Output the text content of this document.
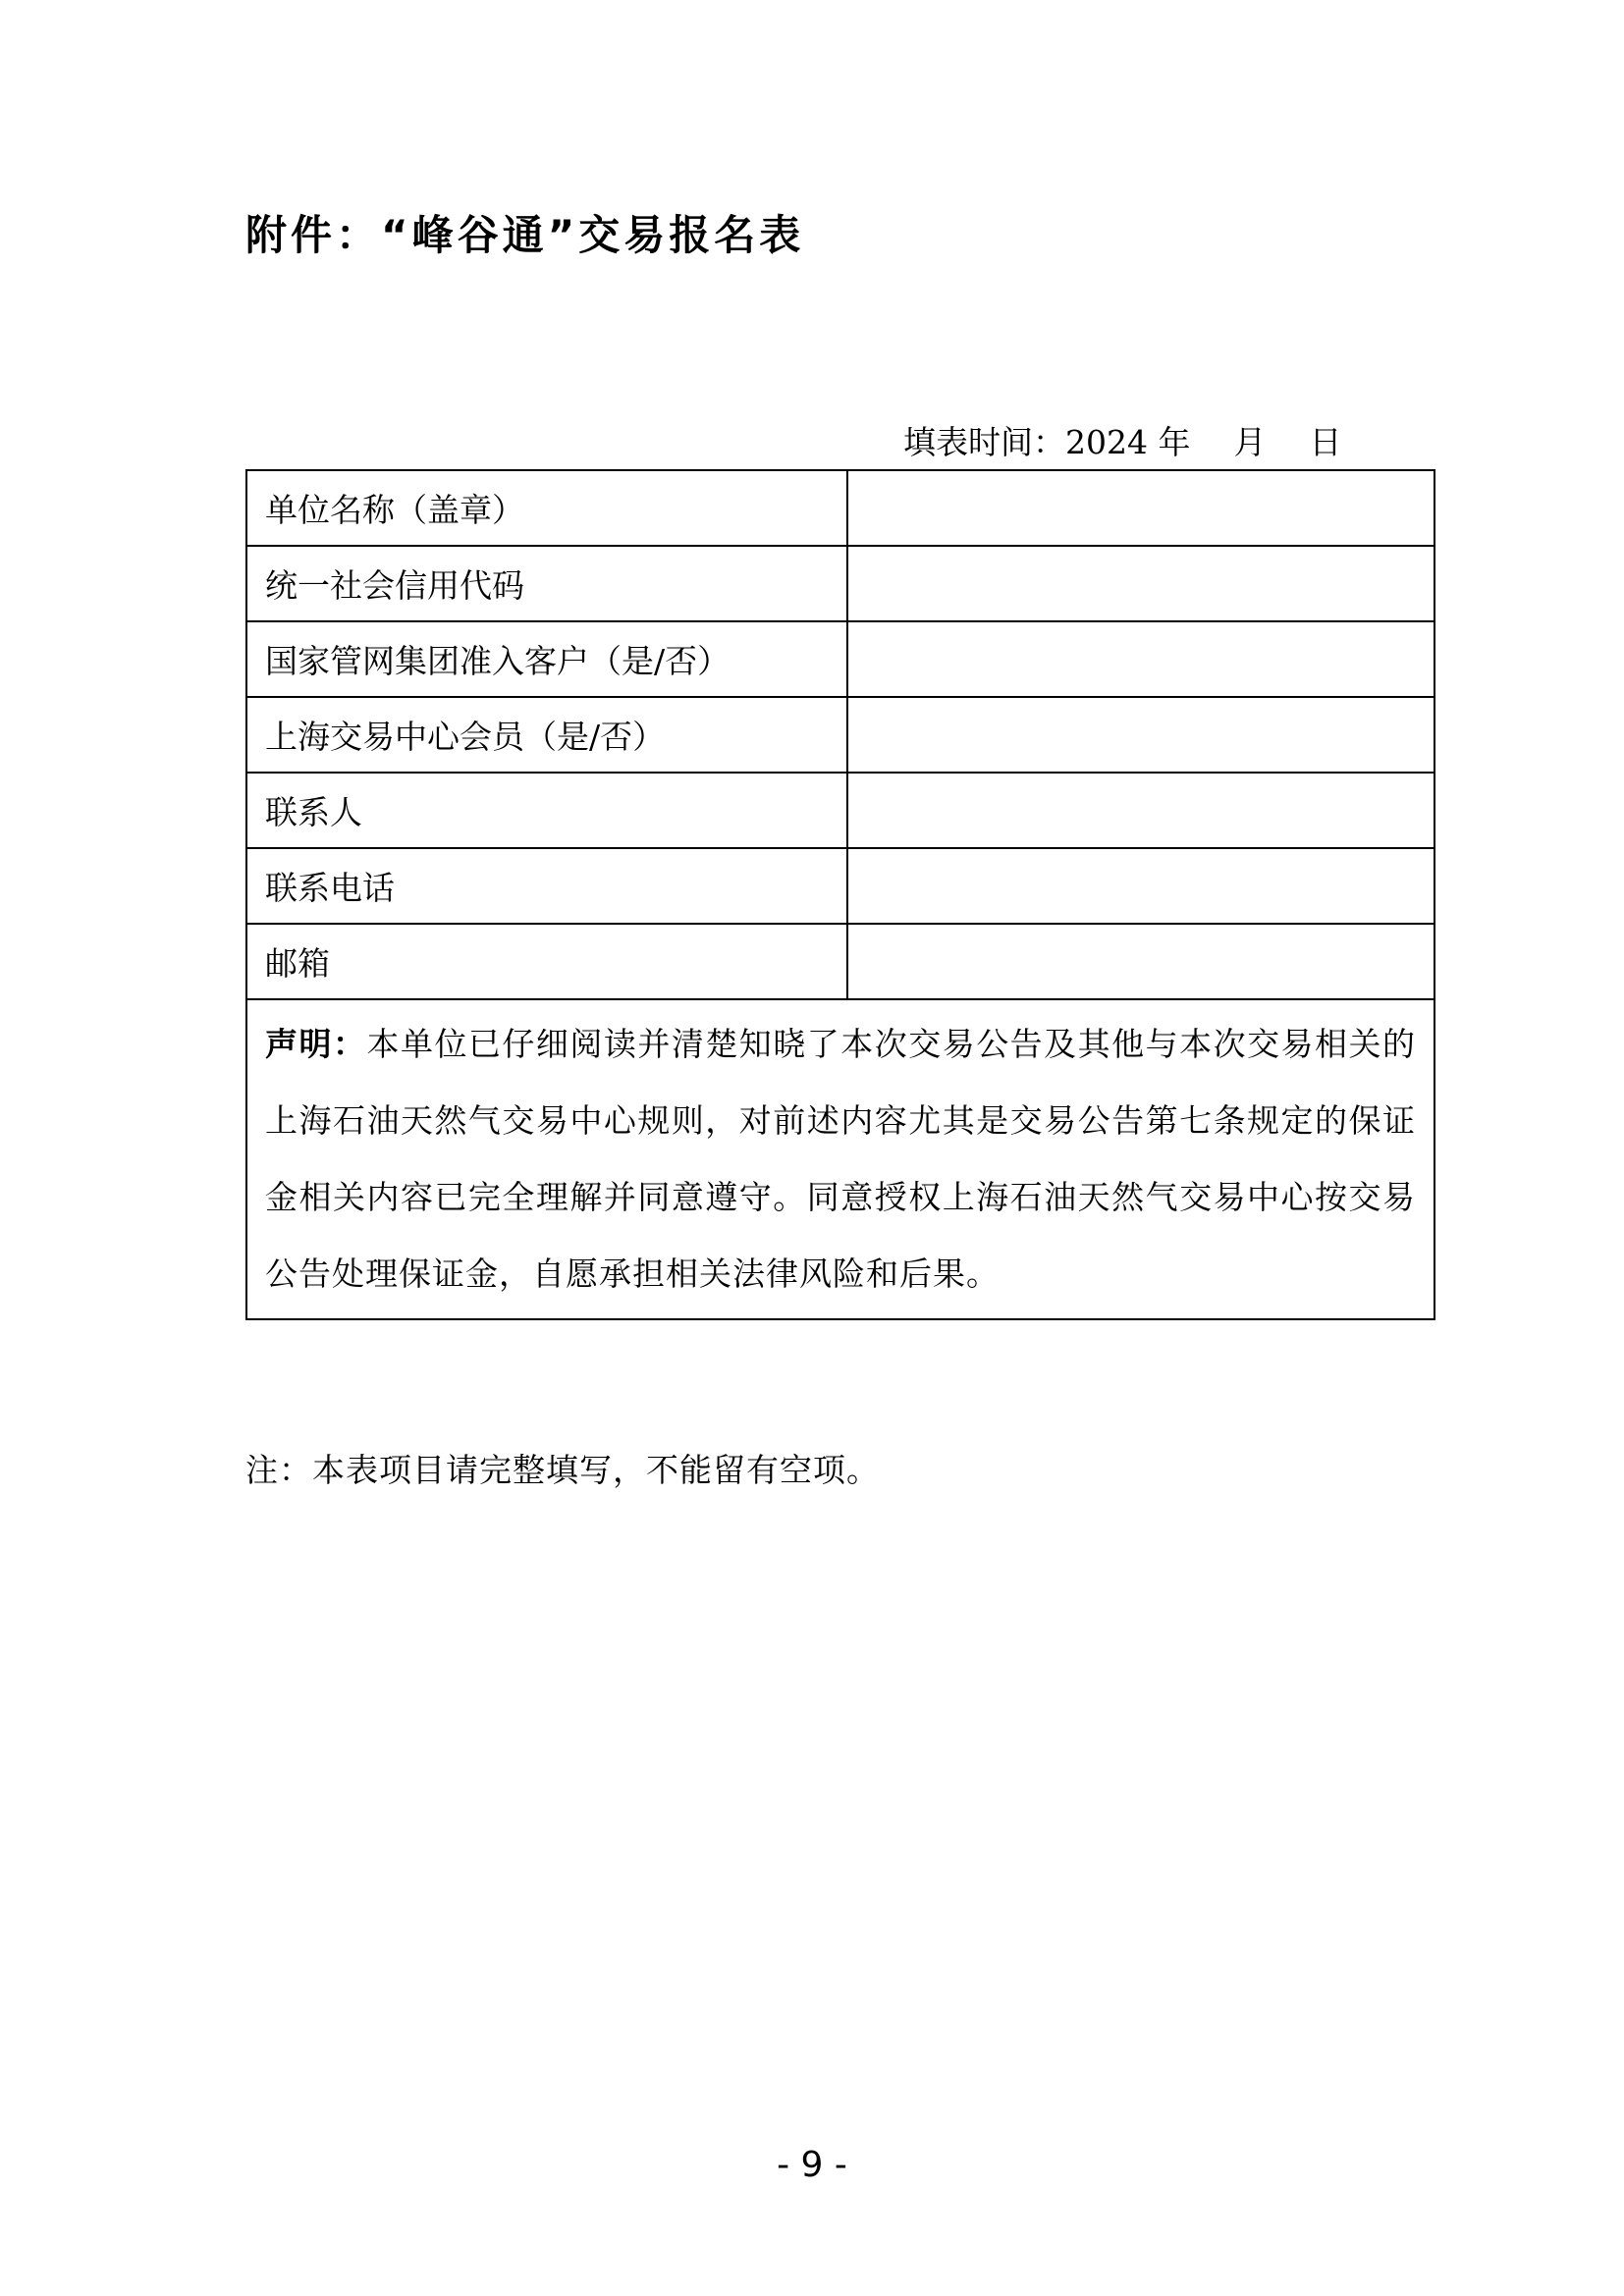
附件：“峰谷通”交易报名表
填表时间：2024 年 月 日
单位名称（盖章）	
统一社会信用代码	
国家管网集团准入客户（是/否）	
上海交易中心会员（是/否）	
联系人	
联系电话	
邮箱	
声明：本单位已仔细阅读并清楚知晓了本次交易公告及其他与本次交易相关的上海石油天然气交易中心规则，对前述内容尤其是交易公告第七条规定的保证金相关内容已完全理解并同意遵守。同意授权上海石油天然气交易中心按交易公告处理保证金，自愿承担相关法律风险和后果。	
注：本表项目请完整填写，不能留有空项。
- 9 -
